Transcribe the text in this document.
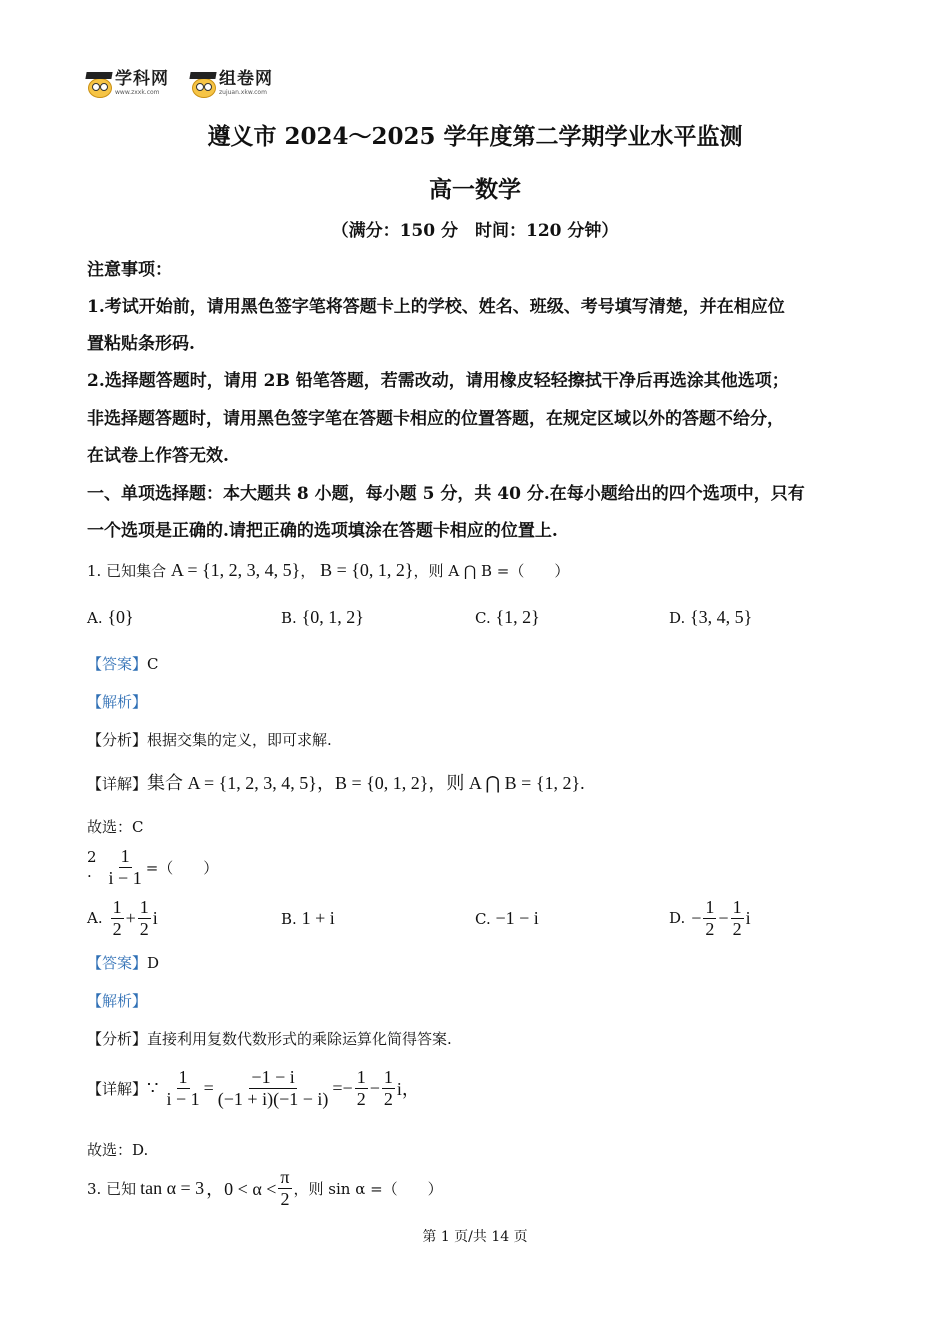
学科网
www.zxxk.com
组卷网
zujuan.xkw.com
遵义市 2024～2025 学年度第二学期学业水平监测
高一数学
（满分：150 分　时间：120 分钟）
注意事项：
1.考试开始前，请用黑色签字笔将答题卡上的学校、姓名、班级、考号填写清楚，并在相应位
置粘贴条形码.
2.选择题答题时，请用 2B 铅笔答题，若需改动，请用橡皮轻轻擦拭干净后再选涂其他选项；
非选择题答题时，请用黑色签字笔在答题卡相应的位置答题，在规定区域以外的答题不给分，
在试卷上作答无效.
一、单项选择题：本大题共 8 小题，每小题 5 分，共 40 分.在每小题给出的四个选项中，只有
一个选项是正确的.请把正确的选项填涂在答题卡相应的位置上.
1. 已知集合 A = {1, 2, 3, 4, 5}， B = {0, 1, 2}，则 A ⋂ B =（　　）
A. {0}	B. {0, 1, 2}	C. {1, 2}	D. {3, 4, 5}
【答案】C
【解析】
【分析】根据交集的定义，即可求解.
【详解】集合 A = {1, 2, 3, 4, 5}，B = {0, 1, 2}，则 A ⋂ B = {1, 2}.
故选：C
2
· $\frac{1}{i - 1}$ =（　　）
A. $\frac{1}{2} + \frac{1}{2}$ i	B. 1 + i	C. −1 − i	D. − $\frac{1}{2} - \frac{1}{2}$ i
【答案】D
【解析】
【分析】直接利用复数代数形式的乘除运算化简得答案.
【详解】 ∵ $\frac{1}{i - 1} = \frac{-1 - i}{(-1 + i)(-1 - i)}$ = − $\frac{1}{2} - \frac{1}{2}$ i，
故选：D.
3. 已知 tan α = 3 ，$0 < \alpha < \frac{\pi}{2}$ ，则 sin α =（　　）
第 1 页/共 14 页
